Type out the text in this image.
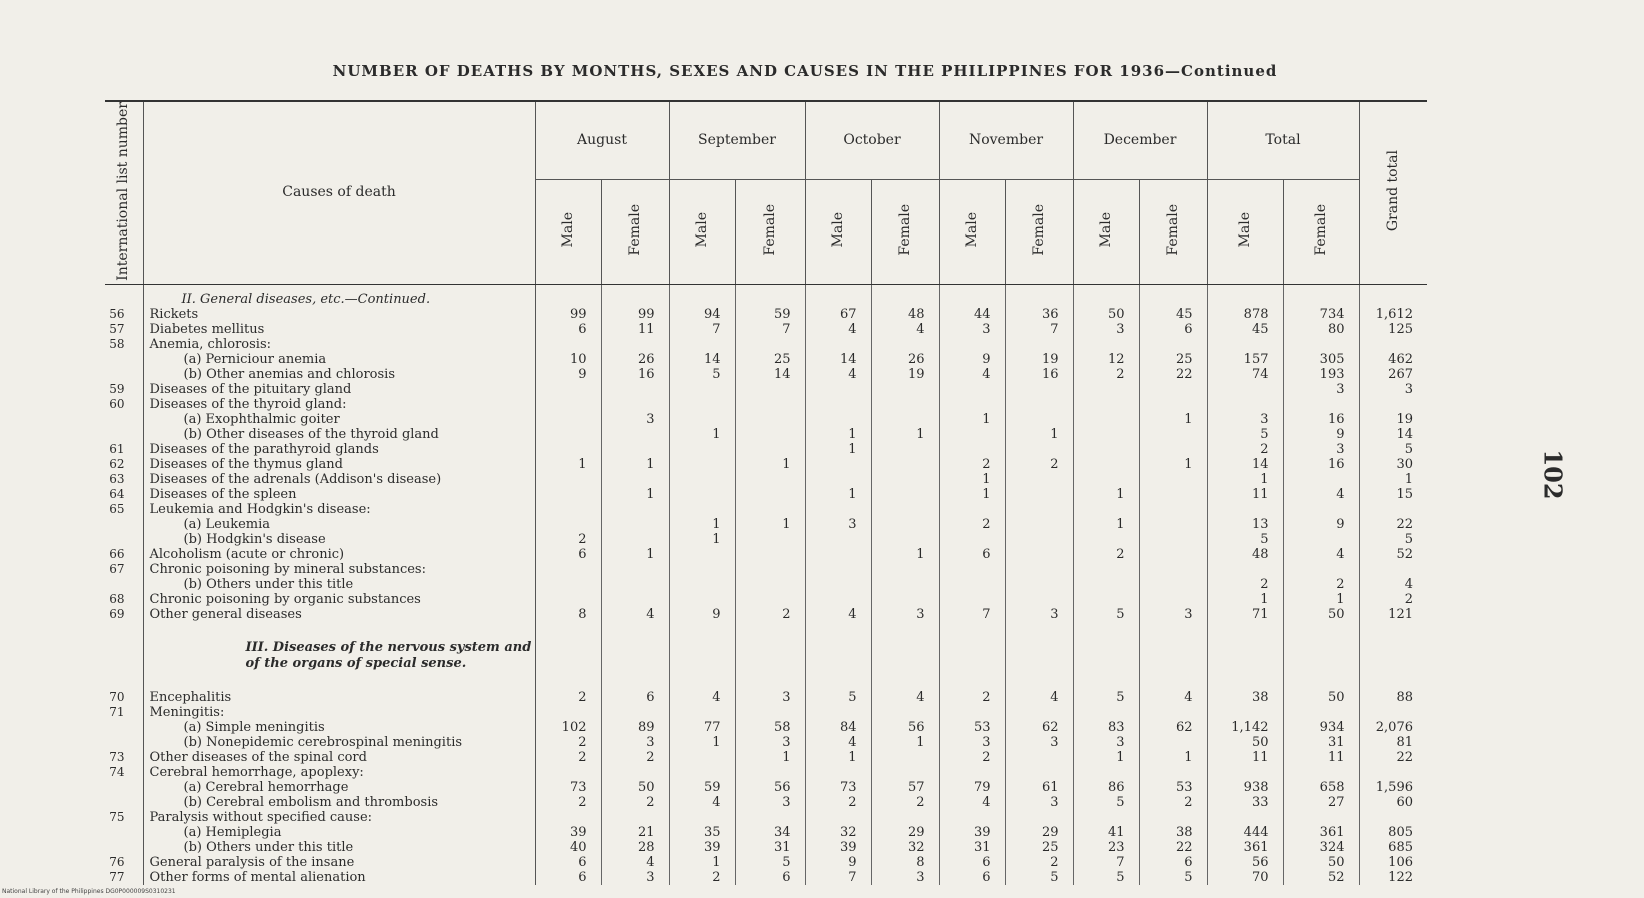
NUMBER OF DEATHS BY MONTHS, SEXES AND CAUSES IN THE PHILIPPINES FOR 1936—Continued
International list number	Causes of death	August		September		October		November		December		Total		Grand total
		Male	Female	Male	Female	Male	Female	Male	Female	Male	Female	Male	Female	
	II. General diseases, etc.—Continued.													
56	Rickets	99	99	94	59	67	48	44	36	50	45	878	734	1,612
57	Diabetes mellitus	6	11	7	7	4	4	3	7	3	6	45	80	125
58	Anemia, chlorosis:													
	(a) Perniciour anemia	10	26	14	25	14	26	9	19	12	25	157	305	462
	(b) Other anemias and chlorosis	9	16	5	14	4	19	4	16	2	22	74	193	267
59	Diseases of the pituitary gland												3	3
60	Diseases of the thyroid gland:													
	(a) Exophthalmic goiter		3					1			1	3	16	19
	(b) Other diseases of the thyroid gland			1		1	1		1			5	9	14
61	Diseases of the parathyroid glands					1						2	3	5
62	Diseases of the thymus gland	1	1		1			2	2		1	14	16	30
63	Diseases of the adrenals (Addison's disease)							1				1		1
64	Diseases of the spleen		1			1		1		1		11	4	15
65	Leukemia and Hodgkin's disease:													
	(a) Leukemia			1	1	3		2		1		13	9	22
	(b) Hodgkin's disease	2		1								5		5
66	Alcoholism (acute or chronic)	6	1				1	6		2		48	4	52
67	Chronic poisoning by mineral substances:													
	(b) Others under this title											2	2	4
68	Chronic poisoning by organic substances											1	1	2
69	Other general diseases	8	4	9	2	4	3	7	3	5	3	71	50	121
	III. Diseases of the nervous system and of the organs of special sense.													
70	Encephalitis	2	6	4	3	5	4	2	4	5	4	38	50	88
71	Meningitis:													
	(a) Simple meningitis	102	89	77	58	84	56	53	62	83	62	1,142	934	2,076
	(b) Nonepidemic cerebrospinal meningitis	2	3	1	3	4	1	3	3	3		50	31	81
73	Other diseases of the spinal cord	2	2		1	1		2		1	1	11	11	22
74	Cerebral hemorrhage, apoplexy:													
	(a) Cerebral hemorrhage	73	50	59	56	73	57	79	61	86	53	938	658	1,596
	(b) Cerebral embolism and thrombosis	2	2	4	3	2	2	4	3	5	2	33	27	60
75	Paralysis without specified cause:													
	(a) Hemiplegia	39	21	35	34	32	29	39	29	41	38	444	361	805
	(b) Others under this title	40	28	39	31	39	32	31	25	23	22	361	324	685
76	General paralysis of the insane	6	4	1	5	9	8	6	2	7	6	56	50	106
77	Other forms of mental alienation	6	3	2	6	7	3	6	5	5	5	70	52	122
102
National Library of the Philippines DG0P000009S0310231
